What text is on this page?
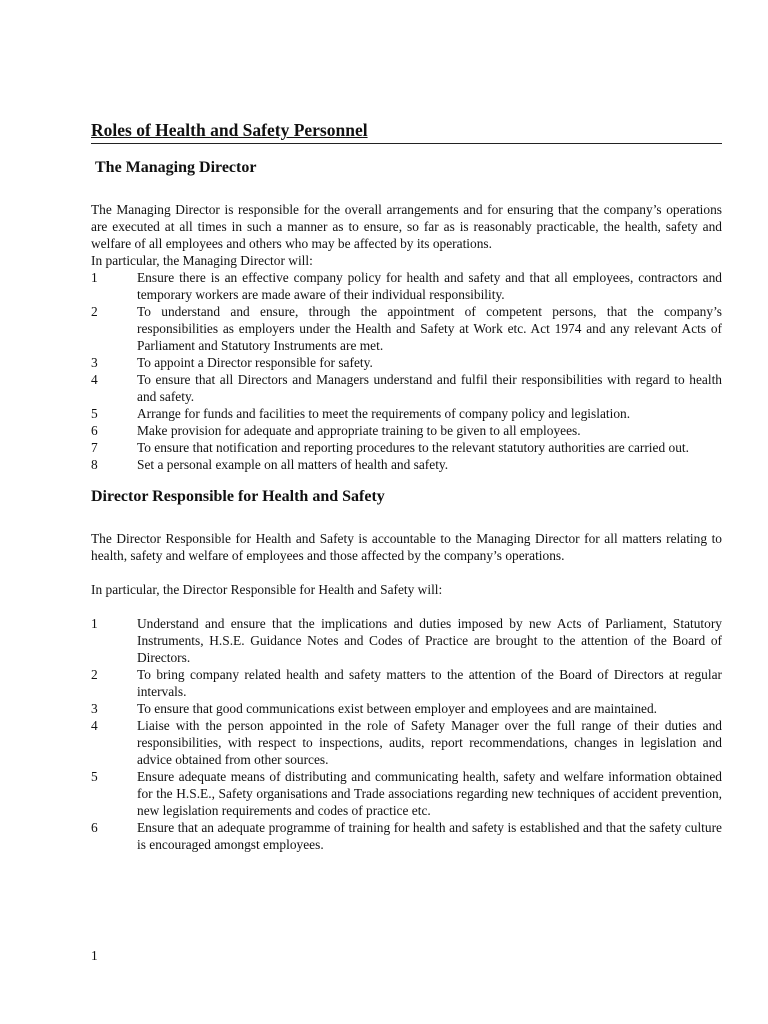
Roles of Health and Safety Personnel
The Managing Director

The Managing Director is responsible for the overall arrangements and for ensuring that the company’s operations are executed at all times in such a manner as to ensure, so far as is reasonably practicable, the health, safety and welfare of all employees and others who may be affected by its operations.

In particular, the Managing Director will:

1	Ensure there is an effective company policy for health and safety and that all employees, contractors and temporary workers are made aware of their individual responsibility.
2	To understand and ensure, through the appointment of competent persons, that the company’s responsibilities as employers under the Health and Safety at Work etc. Act 1974 and any relevant Acts of Parliament and Statutory Instruments are met.
3	To appoint a Director responsible for safety.
4	To ensure that all Directors and Managers understand and fulfil their responsibilities with regard to health and safety.
5	Arrange for funds and facilities to meet the requirements of company policy and legislation.
6	Make provision for adequate and appropriate training to be given to all employees.
7	To ensure that notification and reporting procedures to the relevant statutory authorities are carried out.
8	Set a personal example on all matters of health and safety.
Director Responsible for Health and Safety

The Director Responsible for Health and Safety is accountable to the Managing Director for all matters relating to health, safety and welfare of employees and those affected by the company’s operations.

In particular, the Director Responsible for Health and Safety will:

1	Understand and ensure that the implications and duties imposed by new Acts of Parliament, Statutory Instruments, H.S.E. Guidance Notes and Codes of Practice are brought to the attention of the Board of Directors.
2	To bring company related health and safety matters to the attention of the Board of Directors at regular intervals.
3	To ensure that good communications exist between employer and employees and are maintained.
4	Liaise with the person appointed in the role of Safety Manager over the full range of their duties and responsibilities, with respect to inspections, audits, report recommendations, changes in legislation and advice obtained from other sources.
5	Ensure adequate means of distributing and communicating health, safety and welfare information obtained for the H.S.E., Safety organisations and Trade associations regarding new techniques of accident prevention, new legislation requirements and codes of practice etc.
6	Ensure that an adequate programme of training for health and safety is established and that the safety culture is encouraged amongst employees.
1
